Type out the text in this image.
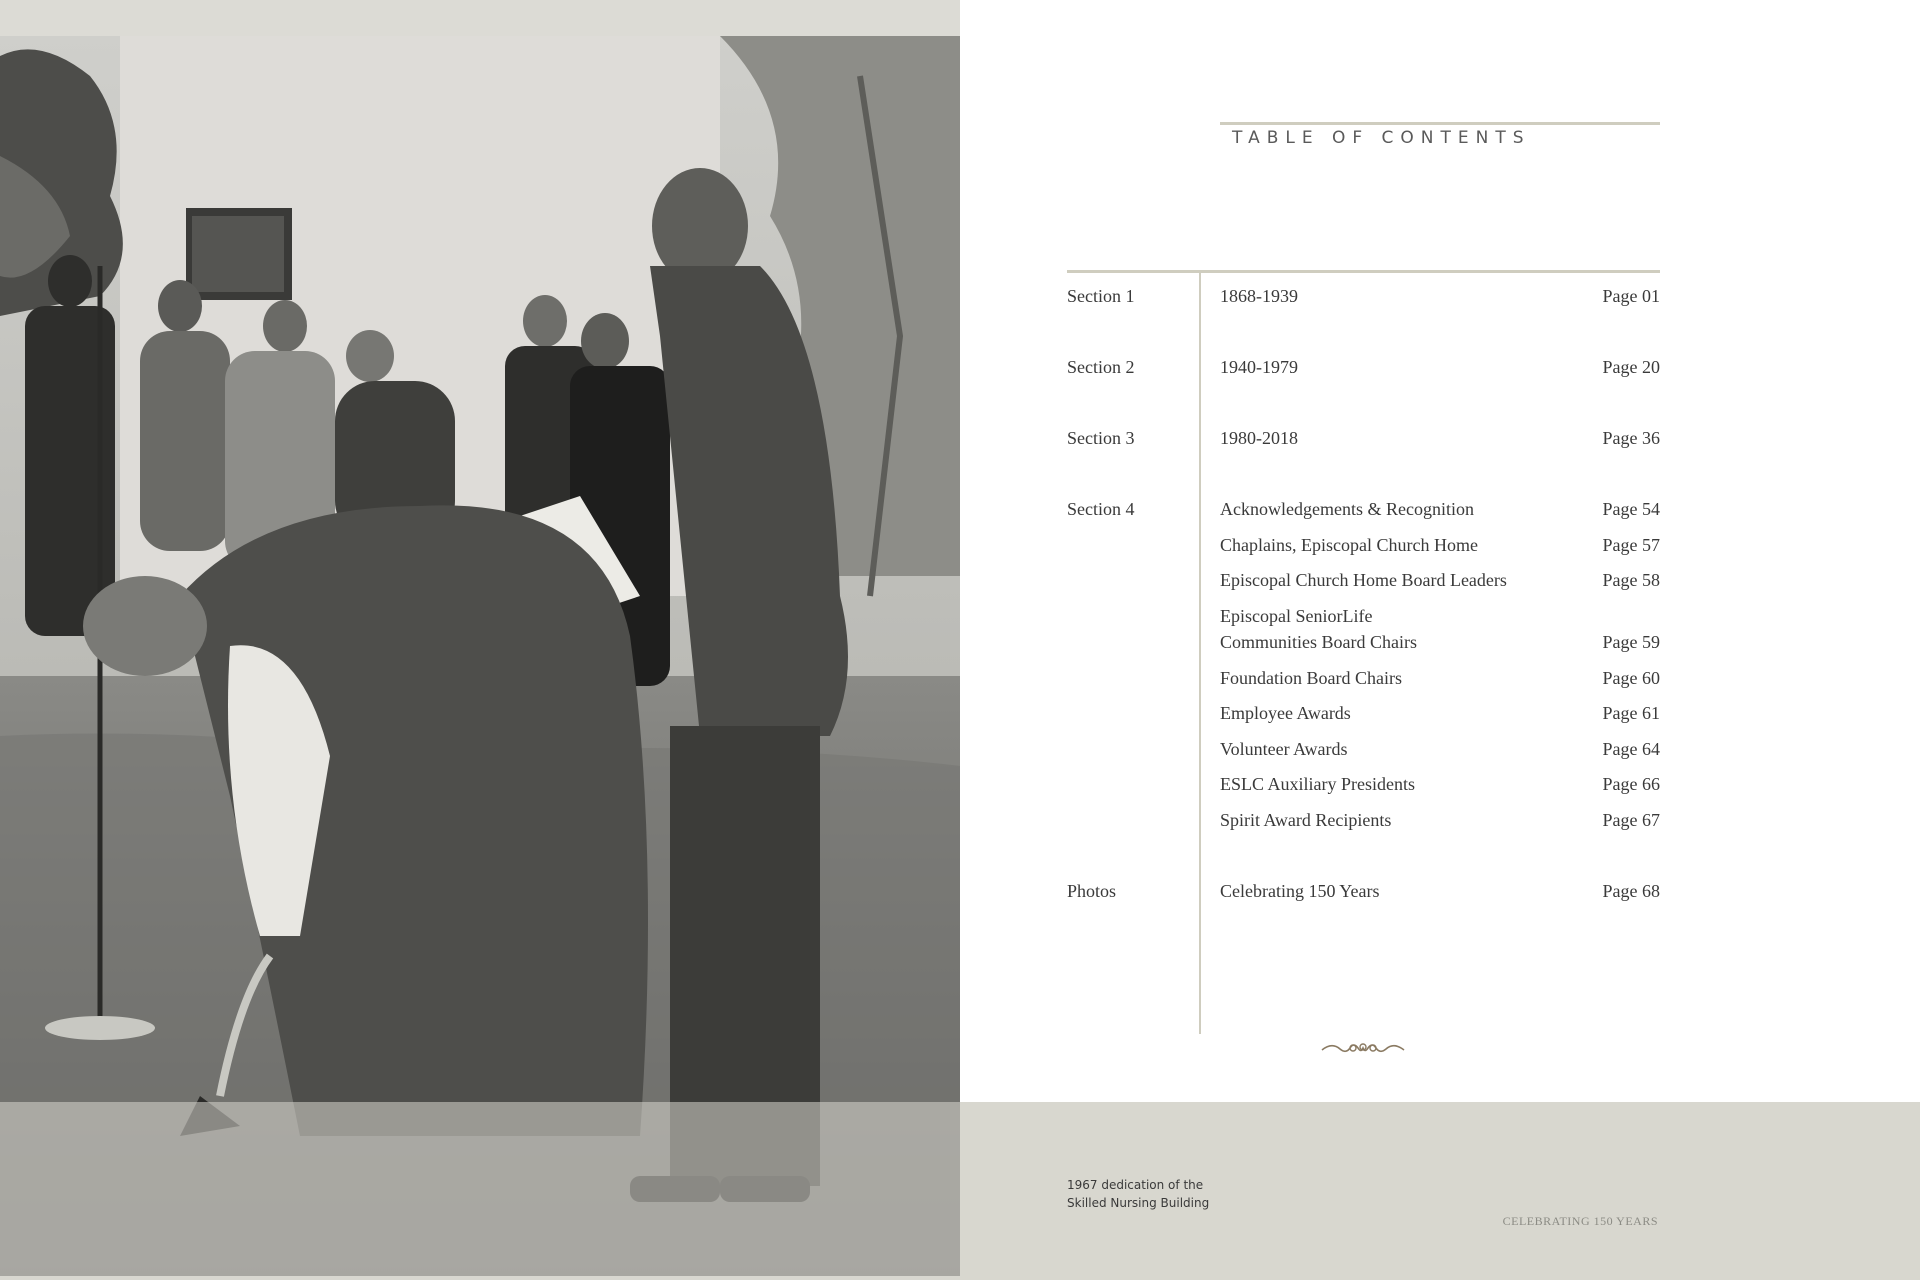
TABLE OF CONTENTS
Section 1	1868-1939	Page 01
Section 2	1940-1979	Page 20
Section 3	1980-2018	Page 36
Section 4	Acknowledgements & Recognition	Page 54
Chaplains, Episcopal Church Home	Page 57
Episcopal Church Home Board Leaders	Page 58
Episcopal SeniorLife
Communities Board Chairs	Page 59
Foundation Board Chairs	Page 60
Employee Awards	Page 61
Volunteer Awards	Page 64
ESLC Auxiliary Presidents	Page 66
Spirit Award Recipients	Page 67
Photos	Celebrating 150 Years	Page 68
1967 dedication of the
Skilled Nursing Building
CELEBRATING 150 YEARS
